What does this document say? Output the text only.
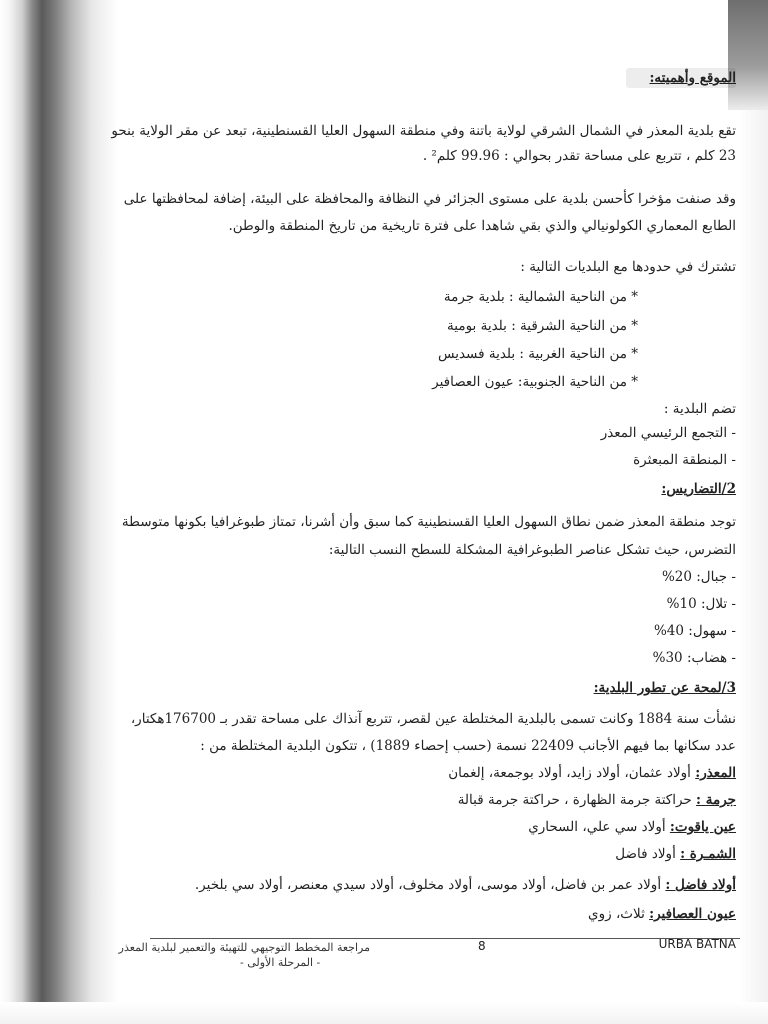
الموقع وأهميته:
تقع بلدية المعذر في الشمال الشرقي لولاية باتنة وفي منطقة السهول العليا القسنطينية، تبعد عن مقر الولاية بنحو
23 كلم ، تتربع على مساحة تقدر بحوالي : 99.96 كلم² .
وقد صنفت مؤخرا كأحسن بلدية على مستوى الجزائر في النظافة والمحافظة على البيئة، إضافة لمحافظتها على
الطابع المعماري الكولونيالي والذي بقي شاهدا على فترة تاريخية من تاريخ المنطقة والوطن.
تشترك في حدودها مع البلديات التالية :
* من الناحية الشمالية : بلدية جرمة
* من الناحية الشرقية : بلدية بومية
* من الناحية الغربية : بلدية فسديس
* من الناحية الجنوبية: عيون العصافير
تضم البلدية :
- التجمع الرئيسي المعذر
- المنطقة المبعثرة
2/التضاريس:
توجد منطقة المعذر ضمن نطاق السهول العليا القسنطينية كما سبق وأن أشرنا، تمتاز طبوغرافيا بكونها متوسطة
التضرس، حيث تشكل عناصر الطبوغرافية المشكلة للسطح النسب التالية:
- جبال: 20%
- تلال: 10%
- سهول: 40%
- هضاب: 30%
3/لمحة عن تطور البلدية:
نشأت سنة 1884 وكانت تسمى بالبلدية المختلطة عين لقصر، تتربع آنذاك على مساحة تقدر بـ 176700هكتار،
عدد سكانها بما فيهم الأجانب 22409 نسمة (حسب إحصاء 1889) ، تتكون البلدية المختلطة من :
المعذر: أولاد عثمان، أولاد زايد، أولاد بوجمعة، إلغمان
جرمة : حراكتة جرمة الظهارة ، حراكتة جرمة قبالة
عين ياقوت: أولاد سي علي، السحاري
الشمـرة : أولاد فاضل
أولاد فاضل : أولاد عمر بن فاضل، أولاد موسى، أولاد مخلوف، أولاد سيدي معنصر، أولاد سي بلخير.
عيون العصافير: ثلاث، زوي
مراجعة المخطط التوجيهي للتهيئة والتعمير لبلدية المعذر
- المرحلة الأولى -
8	URBA BATNA
